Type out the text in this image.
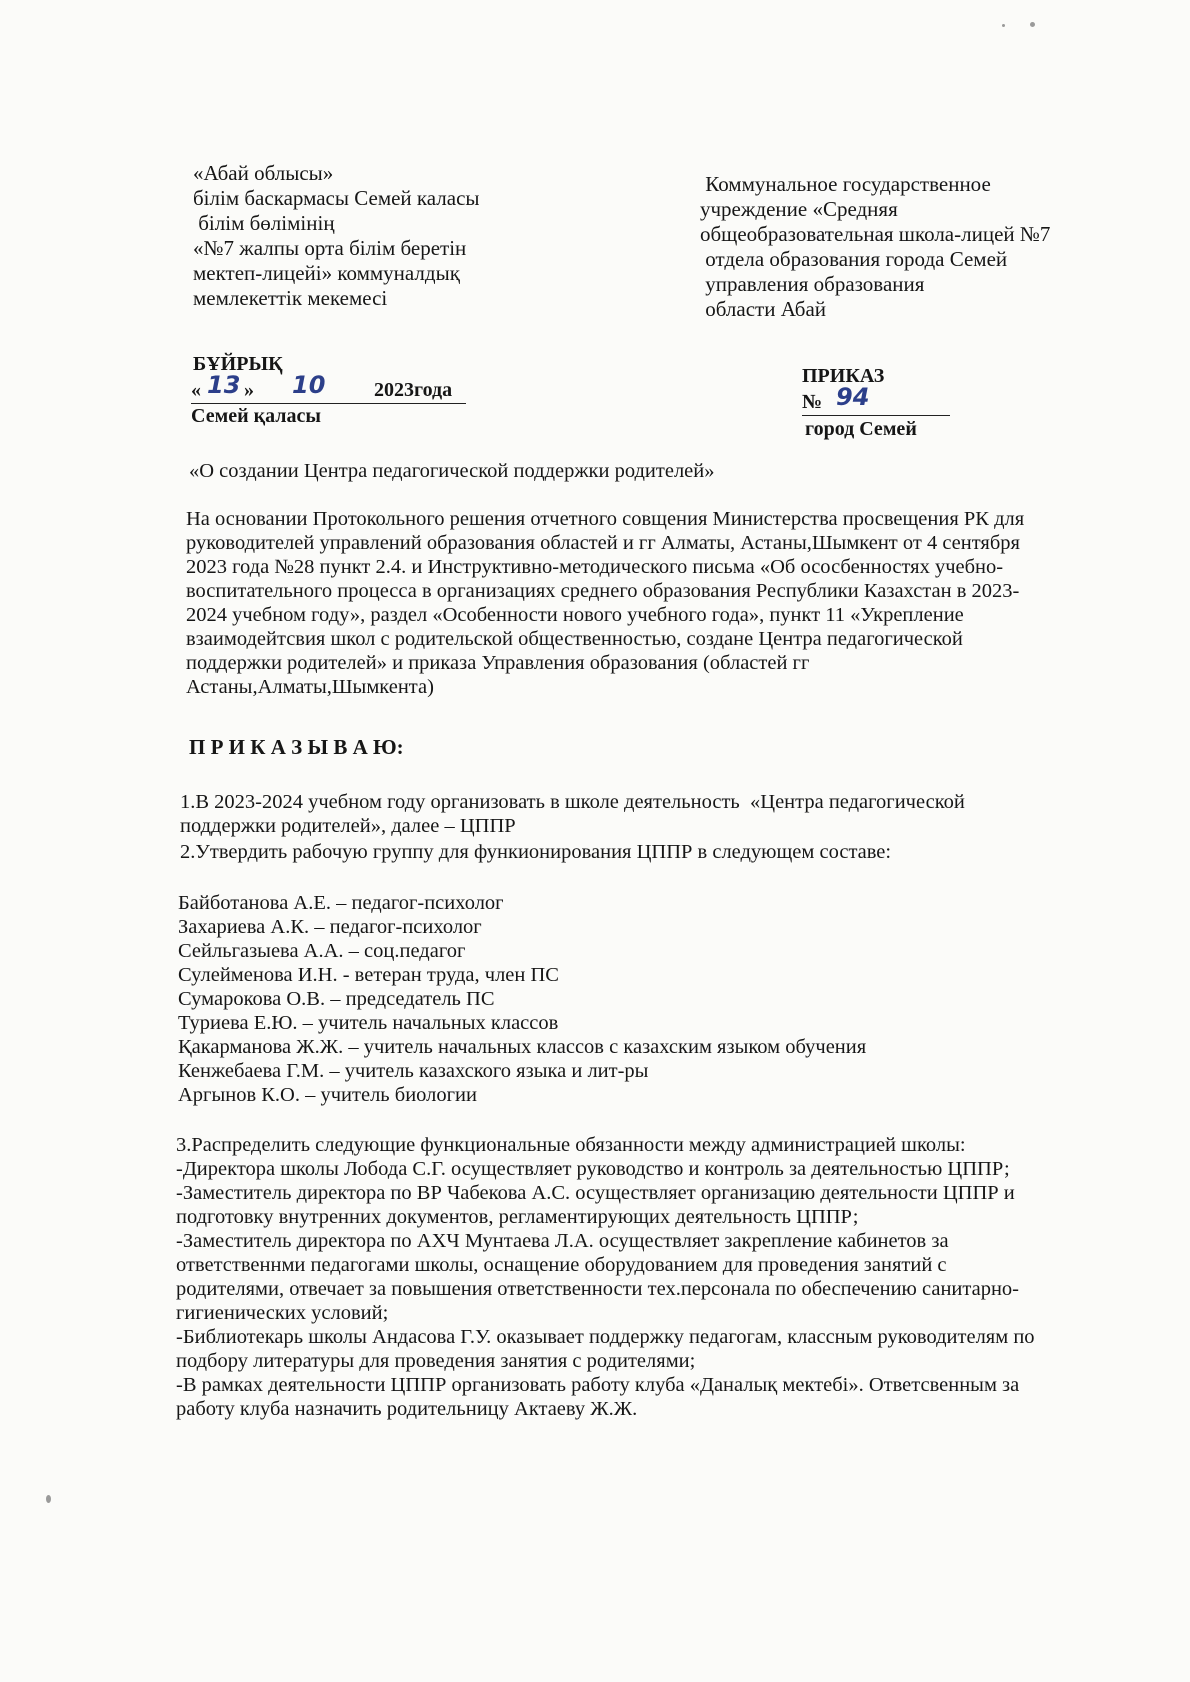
«Абай облысы»
білім баскармасы Семей каласы
білім бөлімінің
«№7 жалпы орта білім беретін
мектеп-лицейі» коммуналдық
мемлекеттік мекемесі
Коммунальное государственное
учреждение «Средняя
общеобразовательная школа-лицей №7
отдела образования города Семей
управления образования
области Абай
БҰЙРЫҚ
« 13 » 10 2023года
Семей қаласы
ПРИКАЗ
№ 94
город Семей
«О создании Центра педагогической поддержки родителей»
На основании Протокольного решения отчетного совщения Министерства просвещения РК для
руководителей управлений образования областей и гг Алматы, Астаны,Шымкент от 4 сентября
2023 года №28 пункт 2.4. и Инструктивно-методического письма «Об ососбенностях учебно-
воспитательного процесса в организациях среднего образования Республики Казахстан в 2023-
2024 учебном году», раздел «Особенности нового учебного года», пункт 11 «Укрепление
взаимодейтсвия школ с родительской общественностью, создане Центра педагогической
поддержки родителей» и приказа Управления образования (областей гг
Астаны,Алматы,Шымкента)
П Р И К А З Ы В А Ю:
1.В 2023-2024 учебном году организовать в школе деятельность  «Центра педагогической
поддержки родителей», далее – ЦППР
2.Утвердить рабочую группу для функионирования ЦППР в следующем составе:
Байботанова А.Е. – педагог-психолог
Захариева А.К. – педагог-психолог
Сейльгазыева А.А. – соц.педагог
Сулейменова И.Н. - ветеран труда, член ПС
Сумарокова О.В. – председатель ПС
Туриева Е.Ю. – учитель начальных классов
Қакарманова Ж.Ж. – учитель начальных классов с казахским языком обучения
Кенжебаева Г.М. – учитель казахского языка и лит-ры
Аргынов К.О. – учитель биологии
3.Распределить следующие функциональные обязанности между администрацией школы:
-Директора школы Лобода С.Г. осуществляет руководство и контроль за деятельностью ЦППР;
-Заместитель директора по ВР Чабекова А.С. осуществляет организацию деятельности ЦППР и
подготовку внутренних документов, регламентирующих деятельность ЦППР;
-Заместитель директора по АХЧ Мунтаева Л.А. осуществляет закрепление кабинетов за
ответственнми педагогами школы, оснащение оборудованием для проведения занятий с
родителями, отвечает за повышения ответственности тех.персонала по обеспечению санитарно-
гигиенических условий;
-Библиотекарь школы Андасова Г.У. оказывает поддержку педагогам, классным руководителям по
подбору литературы для проведения занятия с родителями;
-В рамках деятельности ЦППР организовать работу клуба «Даналық мектебі». Ответсвенным за
работу клуба назначить родительницу Актаеву Ж.Ж.
